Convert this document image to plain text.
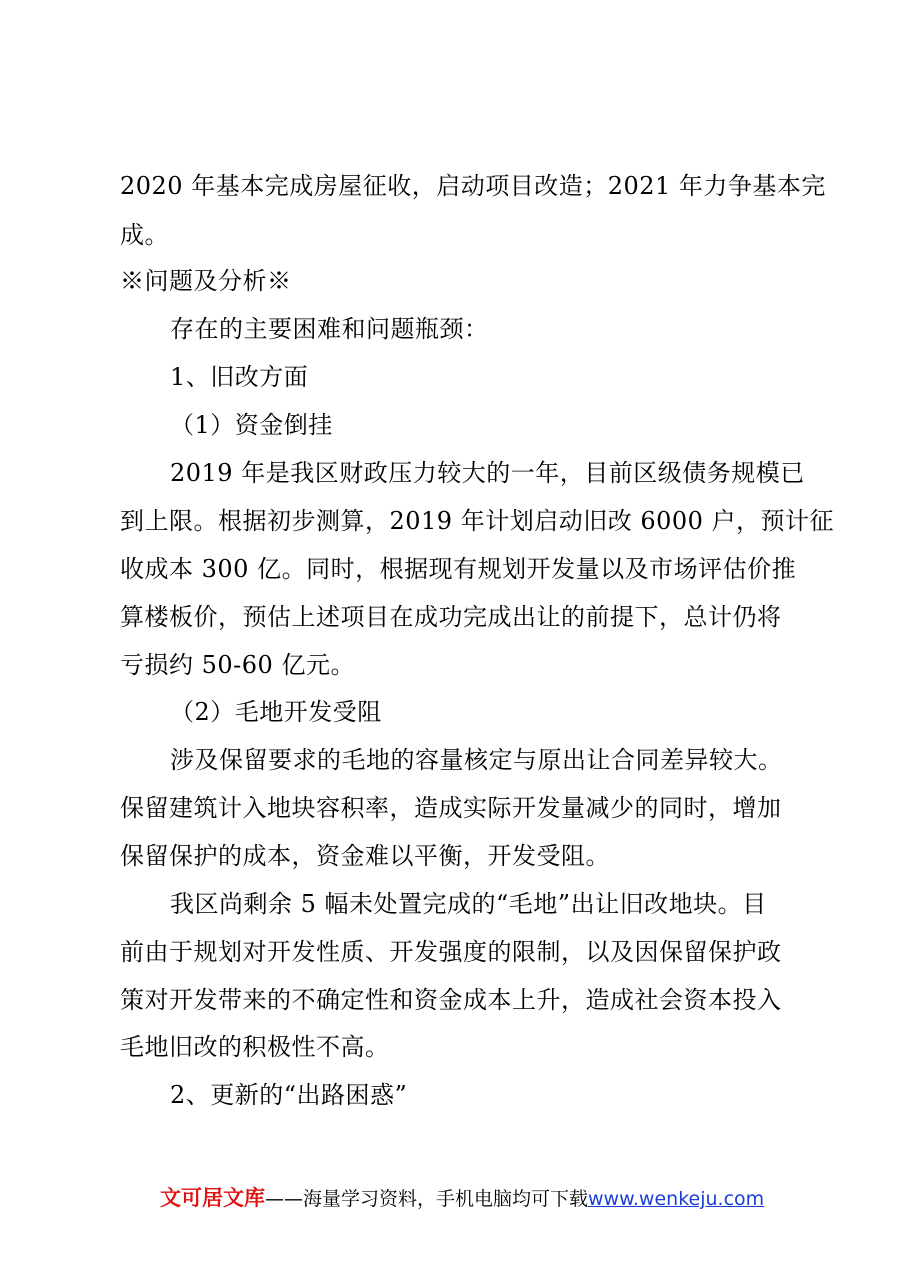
2020 年基本完成房屋征收，启动项目改造；2021 年力争基本完
成。
※问题及分析※
存在的主要困难和问题瓶颈：
1、旧改方面
（1）资金倒挂
2019 年是我区财政压力较大的一年，目前区级债务规模已
到上限。根据初步测算，2019 年计划启动旧改 6000 户，预计征
收成本 300 亿。同时，根据现有规划开发量以及市场评估价推
算楼板价，预估上述项目在成功完成出让的前提下，总计仍将
亏损约 50-60 亿元。
（2）毛地开发受阻
涉及保留要求的毛地的容量核定与原出让合同差异较大。
保留建筑计入地块容积率，造成实际开发量减少的同时，增加
保留保护的成本，资金难以平衡，开发受阻。
我区尚剩余 5 幅未处置完成的“毛地”出让旧改地块。目
前由于规划对开发性质、开发强度的限制，以及因保留保护政
策对开发带来的不确定性和资金成本上升，造成社会资本投入
毛地旧改的积极性不高。
2、更新的“出路困惑”
文可居文库——海量学习资料，手机电脑均可下载www.wenkeju.com
